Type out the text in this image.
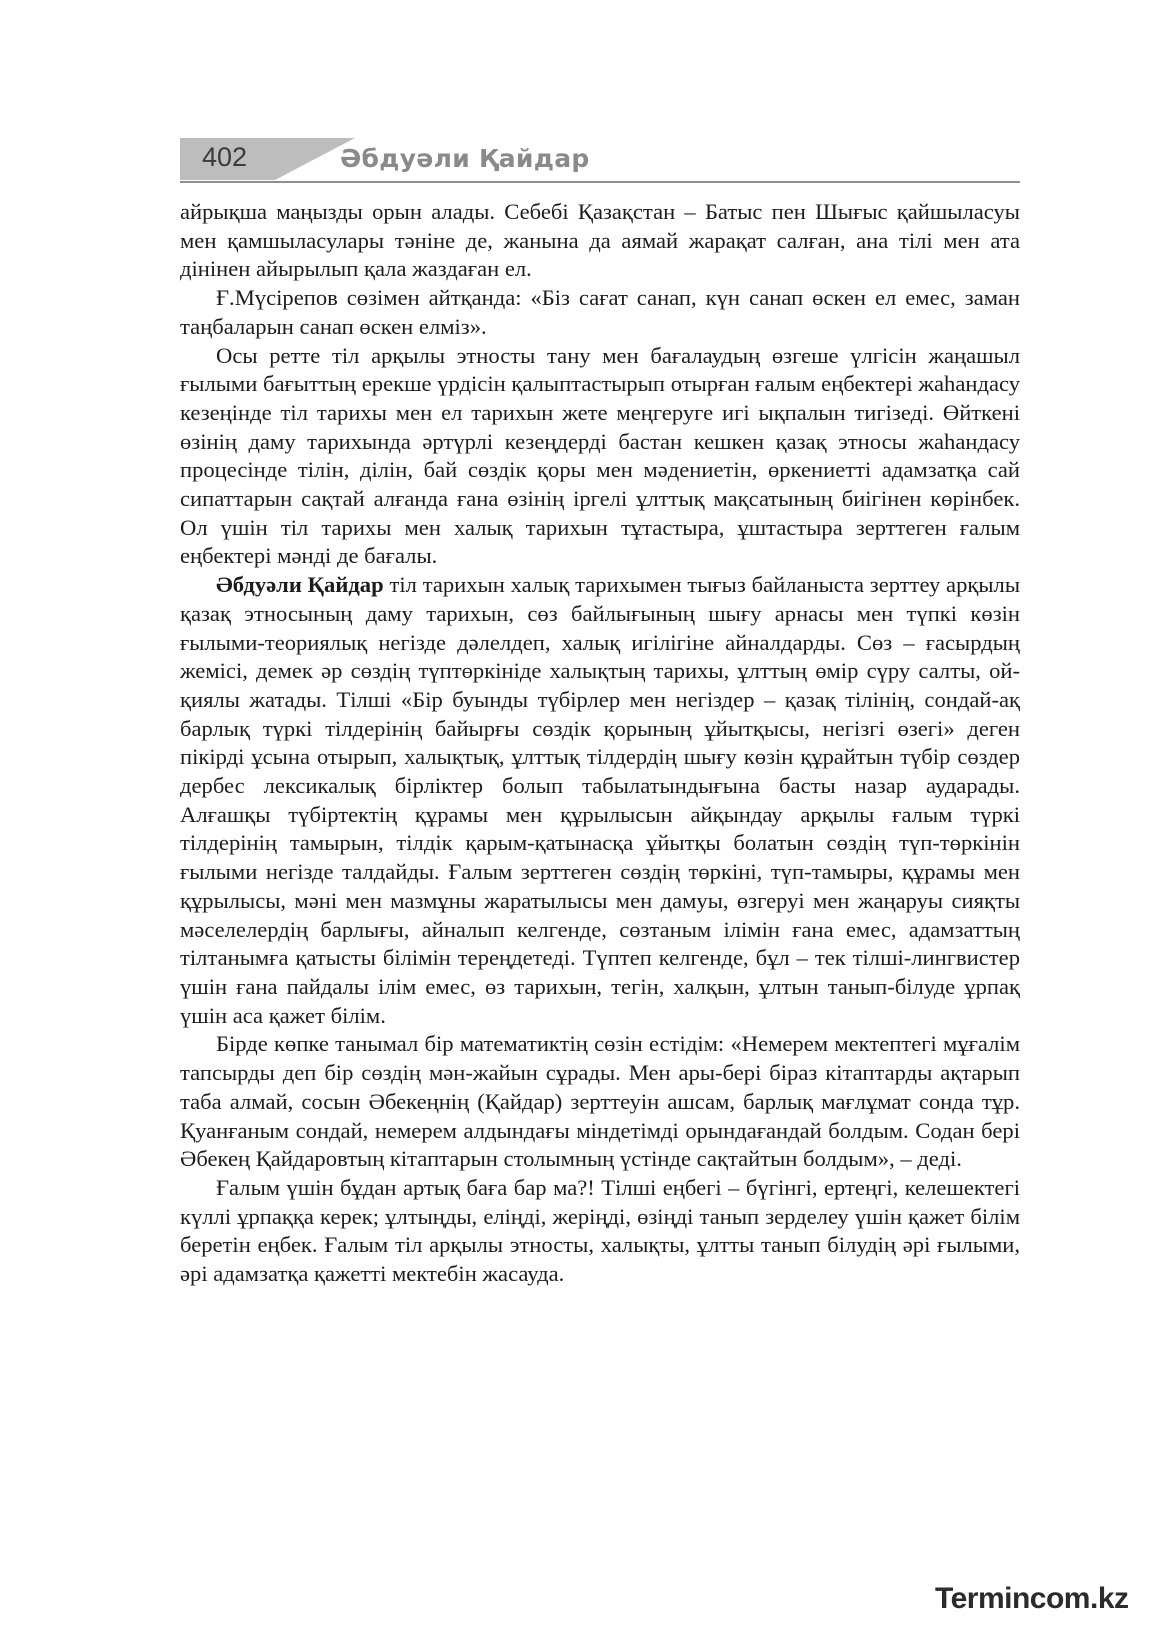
402	Әбдуәли Қайдар

айрықша маңызды орын алады. Себебі Қазақстан – Батыс пен Шығыс қайшыласуы мен қамшыласулары тәніне де, жанына да аямай жарақат салған, ана тілі мен ата дінінен айырылып қала жаздаған ел.

Ғ.Мүсірепов сөзімен айтқанда: «Біз сағат санап, күн санап өскен ел емес, заман таңбаларын санап өскен елміз».

Осы ретте тіл арқылы этносты тану мен бағалаудың өзгеше үлгісін жаңашыл ғылыми бағыттың ерекше үрдісін қалыптастырып отырған ғалым еңбектері жаһандасу кезеңінде тіл тарихы мен ел тарихын жете меңгеруге игі ықпалын тигізеді. Өйткені өзінің даму тарихында әртүрлі кезеңдерді бастан кешкен қазақ этносы жаһандасу процесінде тілін, ділін, бай сөздік қоры мен мәдениетін, өркениетті адамзатқа сай сипаттарын сақтай алғанда ғана өзінің іргелі ұлттық мақсатының биігінен көрінбек. Ол үшін тіл тарихы мен халық тарихын тұтастыра, ұштастыра зерттеген ғалым еңбектері мәнді де бағалы.

Әбдуәли Қайдар тіл тарихын халық тарихымен тығыз байланыста зерттеу арқылы қазақ этносының даму тарихын, сөз байлығының шығу арнасы мен түпкі көзін ғылыми-теориялық негізде дәлелдеп, халық игілігіне айналдарды. Сөз – ғасырдың жемісі, демек әр сөздің түптөркініде халықтың тарихы, ұлттың өмір сүру салты, ой-қиялы жатады. Тілші «Бір буынды түбірлер мен негіздер – қазақ тілінің, сондай-ақ барлық түркі тілдерінің байырғы сөздік қорының ұйытқысы, негізгі өзегі» деген пікірді ұсына отырып, халықтық, ұлттық тілдердің шығу көзін құрайтын түбір сөздер дербес лексикалық бірліктер болып табылатындығына басты назар аударады. Алғашқы түбіртектің құрамы мен құрылысын айқындау арқылы ғалым түркі тілдерінің тамырын, тілдік қарым-қатынасқа ұйытқы болатын сөздің түп-төркінін ғылыми негізде талдайды. Ғалым зерттеген сөздің төркіні, түп-тамыры, құрамы мен құрылысы, мәні мен мазмұны жаратылысы мен дамуы, өзгеруі мен жаңаруы сияқты мәселелердің барлығы, айналып келгенде, сөзтаным ілімін ғана емес, адамзаттың тілтанымға қатысты білімін тереңдетеді. Түптеп келгенде, бұл – тек тілші-лингвистер үшін ғана пайдалы ілім емес, өз тарихын, тегін, халқын, ұлтын танып-білуде ұрпақ үшін аса қажет білім.

Бірде көпке танымал бір математиктің сөзін естідім: «Немерем мектептегі мұғалім тапсырды деп бір сөздің мән-жайын сұрады. Мен ары-бері біраз кітаптарды ақтарып таба алмай, сосын Әбекеңнің (Қайдар) зерттеуін ашсам, барлық мағлұмат сонда тұр. Қуанғаным сондай, немерем алдындағы міндетімді орындағандай болдым. Содан бері Әбекең Қайдаровтың кітаптарын столымның үстінде сақтайтын болдым», – деді.

Ғалым үшін бұдан артық баға бар ма?! Тілші еңбегі – бүгінгі, ертеңгі, келешектегі күллі ұрпаққа керек; ұлтыңды, еліңді, жеріңді, өзіңді танып зерделеу үшін қажет білім беретін еңбек. Ғалым тіл арқылы этносты, халықты, ұлтты танып білудің әрі ғылыми, әрі адамзатқа қажетті мектебін жасауда.

Termincom.kz
